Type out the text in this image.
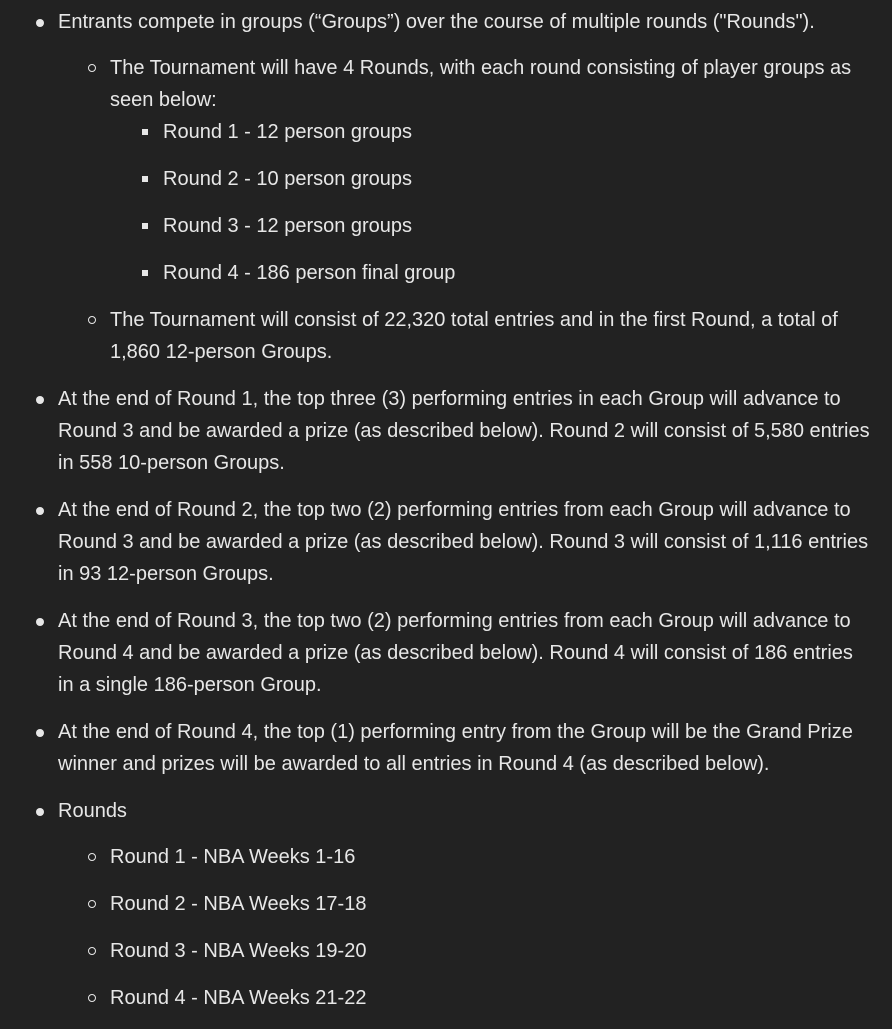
Entrants compete in groups (“Groups”) over the course of multiple rounds ("Rounds").
The Tournament will have 4 Rounds, with each round consisting of player groups as seen below:
Round 1 - 12 person groups
Round 2 - 10 person groups
Round 3 - 12 person groups
Round 4 - 186 person final group
The Tournament will consist of 22,320 total entries and in the first Round, a total of 1,860 12-person Groups.
At the end of Round 1, the top three (3) performing entries in each Group will advance to Round 3 and be awarded a prize (as described below). Round 2 will consist of 5,580 entries in 558 10-person Groups.
At the end of Round 2, the top two (2) performing entries from each Group will advance to Round 3 and be awarded a prize (as described below). Round 3 will consist of 1,116 entries in 93 12-person Groups.
At the end of Round 3, the top two (2) performing entries from each Group will advance to Round 4 and be awarded a prize (as described below). Round 4 will consist of 186 entries in a single 186-person Group.
At the end of Round 4, the top (1) performing entry from the Group will be the Grand Prize winner and prizes will be awarded to all entries in Round 4 (as described below).
Rounds
Round 1 - NBA Weeks 1-16
Round 2 - NBA Weeks 17-18
Round 3 - NBA Weeks 19-20
Round 4 - NBA Weeks 21-22
